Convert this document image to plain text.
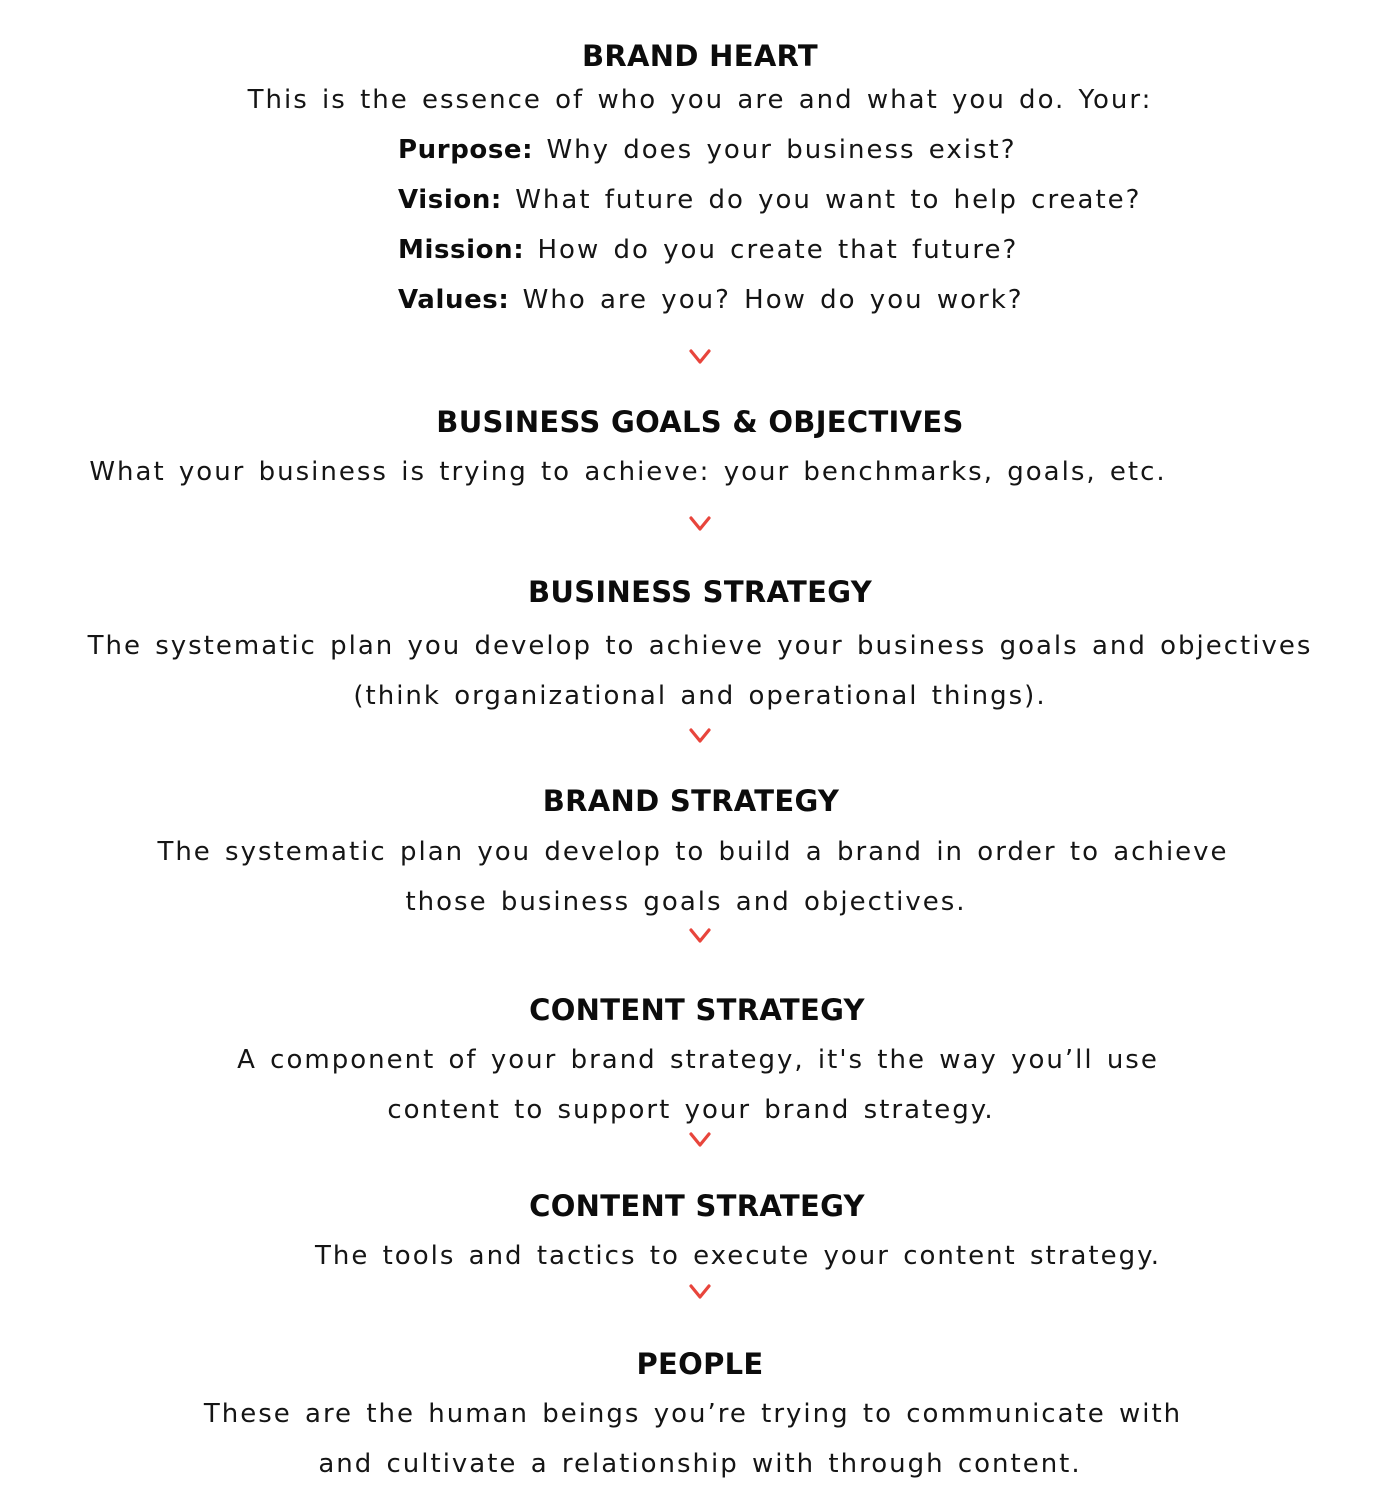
BRAND HEART
This is the essence of who you are and what you do. Your:
Purpose: Why does your business exist?
Vision: What future do you want to help create?
Mission: How do you create that future?
Values: Who are you? How do you work?
BUSINESS GOALS & OBJECTIVES
What your business is trying to achieve: your benchmarks, goals, etc.
BUSINESS STRATEGY
The systematic plan you develop to achieve your business goals and objectives
(think organizational and operational things).
BRAND STRATEGY
The systematic plan you develop to build a brand in order to achieve
those business goals and objectives.
CONTENT STRATEGY
A component of your brand strategy, it's the way you’ll use
content to support your brand strategy.
CONTENT STRATEGY
The tools and tactics to execute your content strategy.
PEOPLE
These are the human beings you’re trying to communicate with
and cultivate a relationship with through content.
